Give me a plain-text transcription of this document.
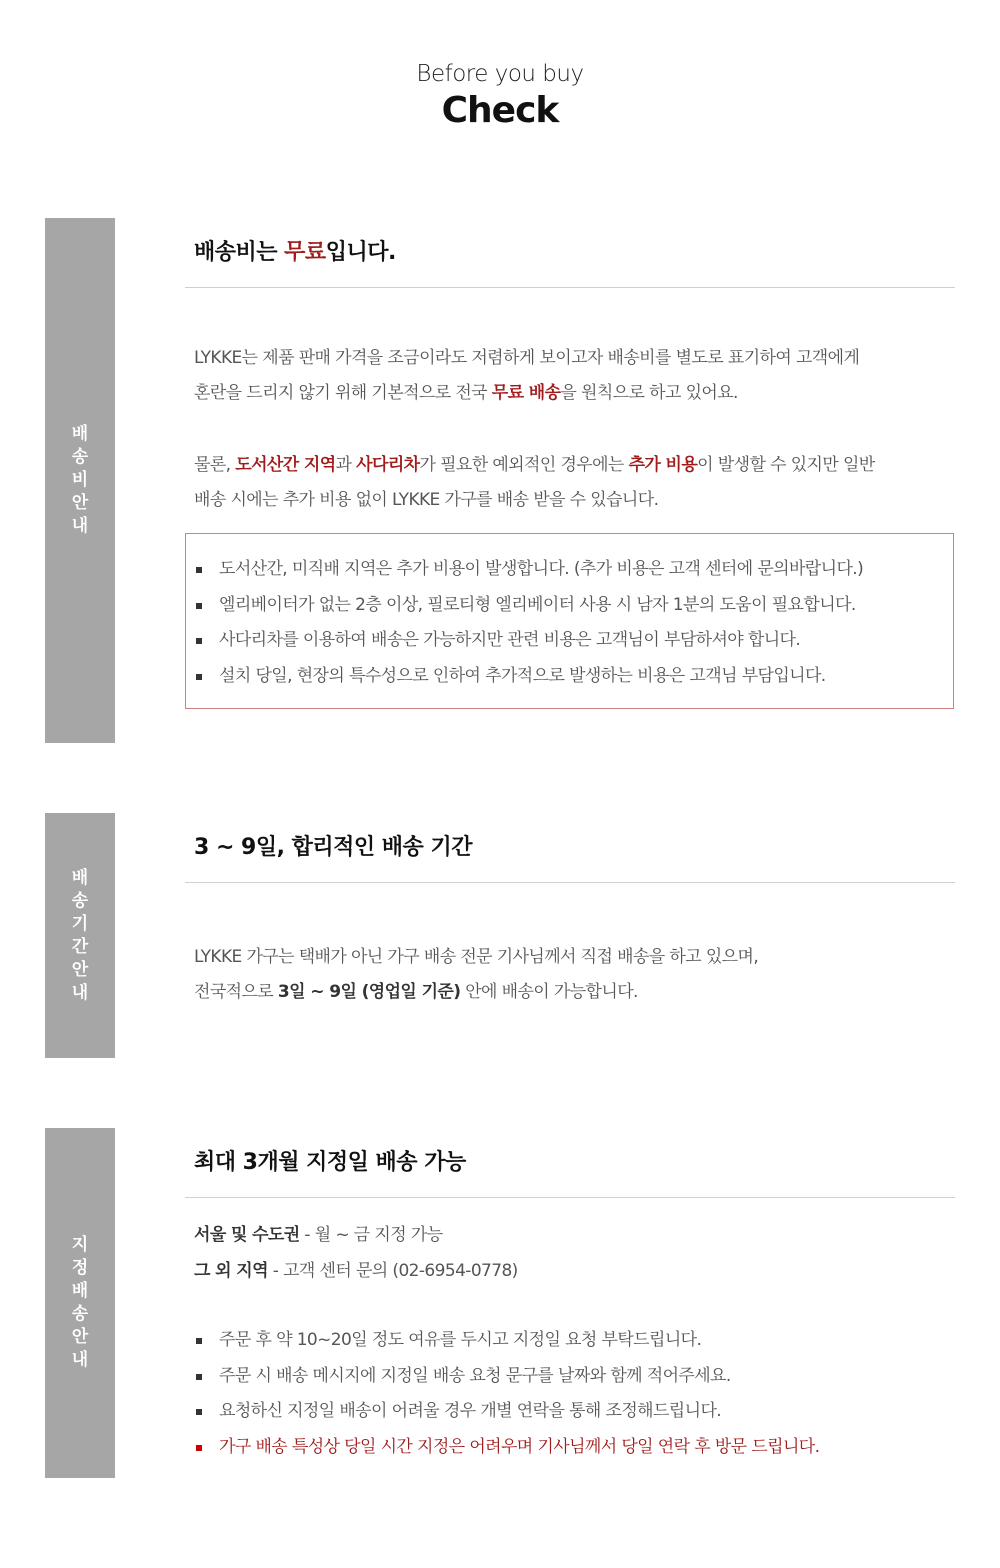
Before you buy
Check
배송비 안내
배송비는 무료입니다.

LYKKE는 제품 판매 가격을 조금이라도 저렴하게 보이고자 배송비를 별도로 표기하여 고객에게

혼란을 드리지 않기 위해 기본적으로 전국 무료 배송을 원칙으로 하고 있어요.

물론, 도서산간 지역과 사다리차가 필요한 예외적인 경우에는 추가 비용이 발생할 수 있지만 일반

배송 시에는 추가 비용 없이 LYKKE 가구를 배송 받을 수 있습니다.

도서산간, 미직배 지역은 추가 비용이 발생합니다. (추가 비용은 고객 센터에 문의바랍니다.)
엘리베이터가 없는 2층 이상, 필로티형 엘리베이터 사용 시 남자 1분의 도움이 필요합니다.
사다리차를 이용하여 배송은 가능하지만 관련 비용은 고객님이 부담하셔야 합니다.
설치 당일, 현장의 특수성으로 인하여 추가적으로 발생하는 비용은 고객님 부담입니다.
배송기간 안내
3 ~ 9일, 합리적인 배송 기간

LYKKE 가구는 택배가 아닌 가구 배송 전문 기사님께서 직접 배송을 하고 있으며,

전국적으로 3일 ~ 9일 (영업일 기준) 안에 배송이 가능합니다.

지정배송 안내
최대 3개월 지정일 배송 가능
서울 및 수도권 - 월 ~ 금 지정 가능
그 외 지역 - 고객 센터 문의 (02-6954-0778)
주문 후 약 10~20일 정도 여유를 두시고 지정일 요청 부탁드립니다.
주문 시 배송 메시지에 지정일 배송 요청 문구를 날짜와 함께 적어주세요.
요청하신 지정일 배송이 어려울 경우 개별 연락을 통해 조정해드립니다.
가구 배송 특성상 당일 시간 지정은 어려우며 기사님께서 당일 연락 후 방문 드립니다.
